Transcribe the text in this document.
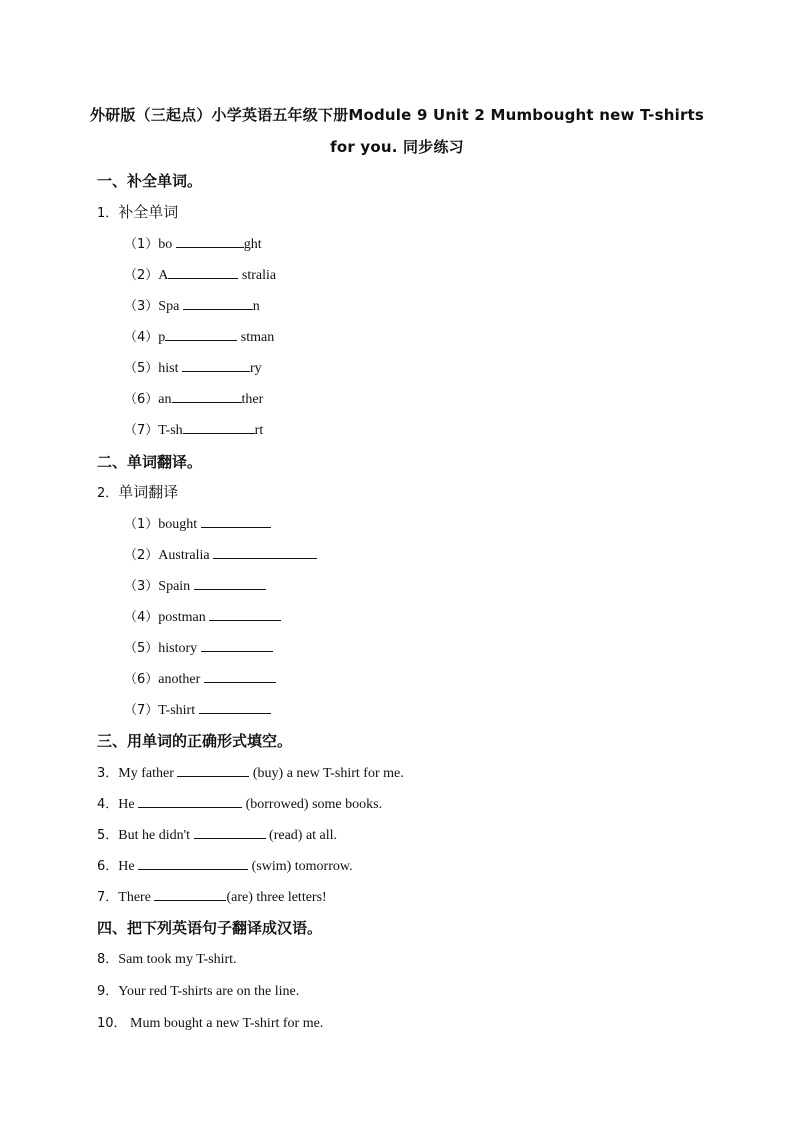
外研版（三起点）小学英语五年级下册Module 9 Unit 2 Mumbought new T-shirts
for you. 同步练习
一、补全单词。
1．补全单词
（1）bo	ght
（2）A	stralia
（3）Spa	n
（4）p	stman
（5）hist	ry
（6）an	ther
（7）T-sh	rt
二、单词翻译。
2．单词翻译
（1）bought
（2）Australia
（3）Spain
（4）postman
（5）history
（6）another
（7）T-shirt
三、用单词的正确形式填空。
3．My father	(buy) a new T-shirt for me.
4．He	(borrowed) some books.
5．But he didn't	(read) at all.
6．He	(swim) tomorrow.
7．There	(are) three letters!
四、把下列英语句子翻译成汉语。
8．Sam took my T-shirt.
9．Your red T-shirts are on the line.
10． Mum bought a new T-shirt for me.
